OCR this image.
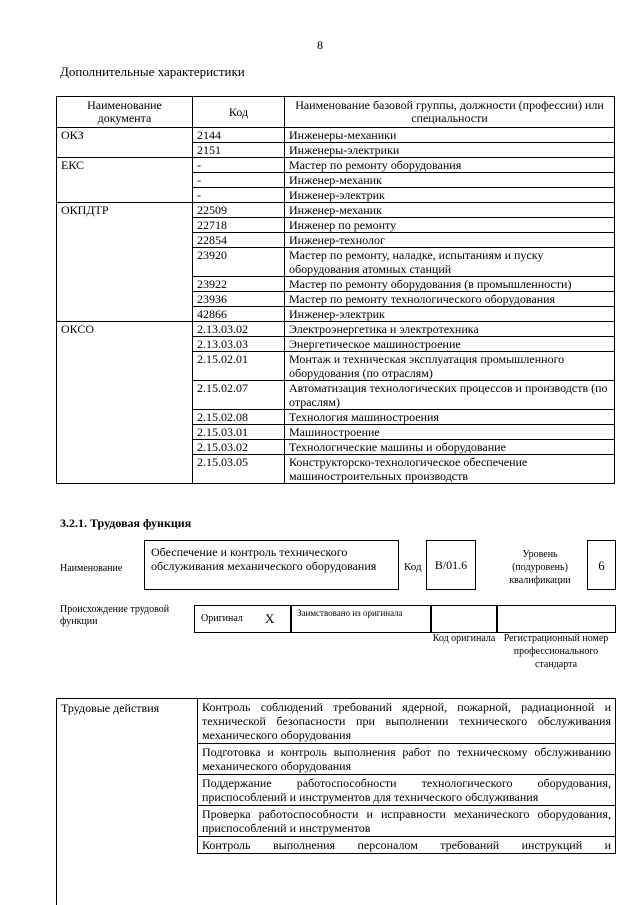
8
Дополнительные характеристики
Наименование документа	Код	Наименование базовой группы, должности (профессии) или специальности
ОКЗ	2144	Инженеры-механики
	2151	Инженеры-электрики
ЕКС	-	Мастер по ремонту оборудования
	-	Инженер-механик
	-	Инженер-электрик
ОКПДТР	22509	Инженер-механик
	22718	Инженер по ремонту
	22854	Инженер-технолог
	23920	Мастер по ремонту, наладке, испытаниям и пуску оборудования атомных станций
	23922	Мастер по ремонту оборудования (в промышленности)
	23936	Мастер по ремонту технологического оборудования
	42866	Инженер-электрик
ОКСО	2.13.03.02	Электроэнергетика и электротехника
	2.13.03.03	Энергетическое машиностроение
	2.15.02.01	Монтаж и техническая эксплуатация промышленного оборудования (по отраслям)
	2.15.02.07	Автоматизация технологических процессов и производств (по отраслям)
	2.15.02.08	Технология машиностроения
	2.15.03.01	Машиностроение
	2.15.03.02	Технологические машины и оборудование
	2.15.03.05	Конструкторско-технологическое обеспечение машиностроительных производств
3.2.1. Трудовая функция
Наименование
Обеспечение и контроль технического обслуживания механического оборудования	Код	В/01.6
Уровень (подуровень) квалификации
6
Происхождение трудовой функции	Оригинал X	Заимствовано из оригинала
Код оригинала Регистрационный номер профессионального стандарта
Трудовые действия	Контроль соблюдений требований ядерной, пожарной, радиационной и технической безопасности при выполнении технического обслуживания механического оборудования
Подготовка и контроль выполнения работ по техническому обслуживанию механического оборудования
Поддержание работоспособности технологического оборудования, приспособлений и инструментов для технического обслуживания
Проверка работоспособности и исправности механического оборудования, приспособлений и инструментов
Контроль выполнения персоналом требований инструкций и
